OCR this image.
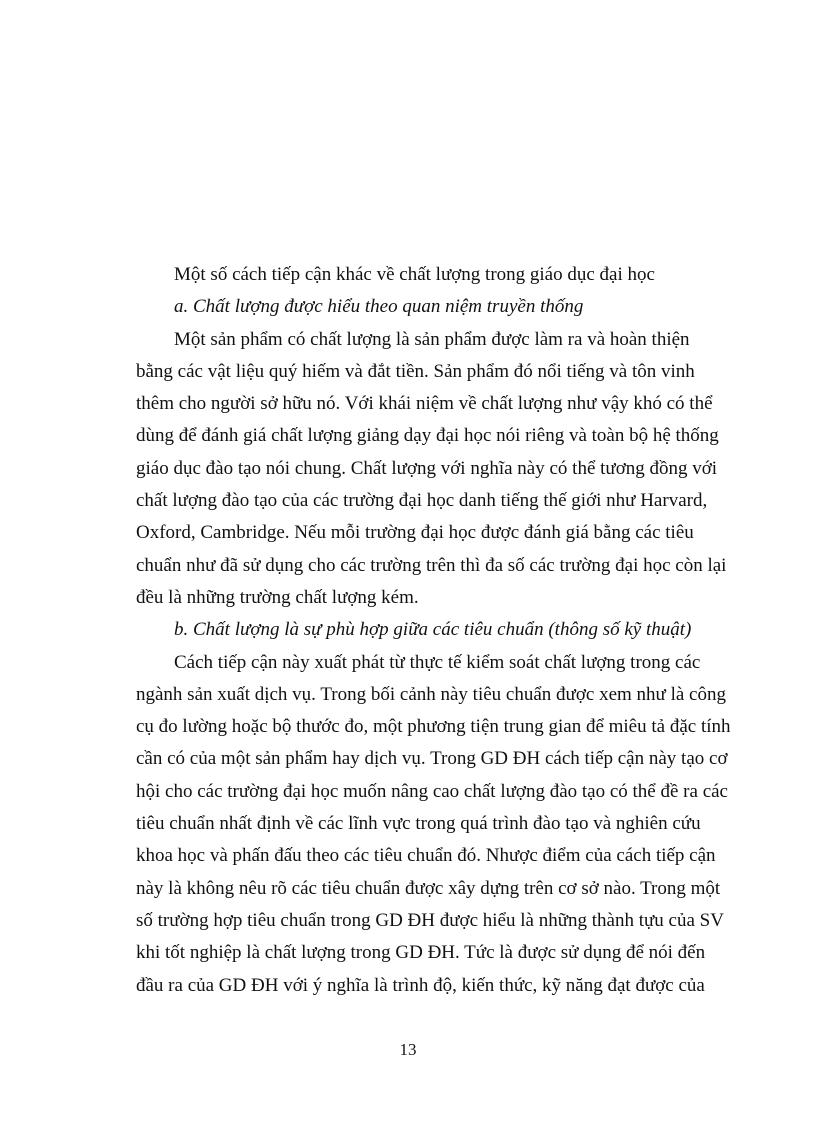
Một số cách tiếp cận khác về chất lượng trong giáo dục đại học
a. Chất lượng được hiểu theo quan niệm truyền thống
Một sản phẩm có chất lượng là sản phẩm được làm ra và hoàn thiện
bằng các vật liệu quý hiếm và đắt tiền. Sản phẩm đó nổi tiếng và tôn vinh
thêm cho người sở hữu nó. Với khái niệm về chất lượng như vậy khó có thể
dùng để đánh giá chất lượng giảng dạy đại học nói riêng và toàn bộ hệ thống
giáo dục đào tạo nói chung. Chất lượng với nghĩa này có thể tương đồng với
chất lượng đào tạo của các trường đại học danh tiếng thế giới như Harvard,
Oxford, Cambridge. Nếu mỗi trường đại học được đánh giá bằng các tiêu
chuẩn như đã sử dụng cho các trường trên thì đa số các trường đại học còn lại
đều là những trường chất lượng kém.
b. Chất lượng là sự phù hợp giữa các tiêu chuẩn (thông số kỹ thuật)
Cách tiếp cận này xuất phát từ thực tế kiểm soát chất lượng trong các
ngành sản xuất dịch vụ. Trong bối cảnh này tiêu chuẩn được xem như là công
cụ đo lường hoặc bộ thước đo, một phương tiện trung gian để miêu tả đặc tính
cần có của một sản phẩm hay dịch vụ. Trong GD ĐH cách tiếp cận này tạo cơ
hội cho các trường đại học muốn nâng cao chất lượng đào tạo có thể đề ra các
tiêu chuẩn nhất định về các lĩnh vực trong quá trình đào tạo và nghiên cứu
khoa học và phấn đấu theo các tiêu chuẩn đó. Nhược điểm của cách tiếp cận
này là không nêu rõ các tiêu chuẩn được xây dựng trên cơ sở nào. Trong một
số trường hợp tiêu chuẩn trong GD ĐH được hiểu là những thành tựu của SV
khi tốt nghiệp là chất lượng trong GD ĐH. Tức là được sử dụng để nói đến
đầu ra của GD ĐH với ý nghĩa là trình độ, kiến thức, kỹ năng đạt được của
13
